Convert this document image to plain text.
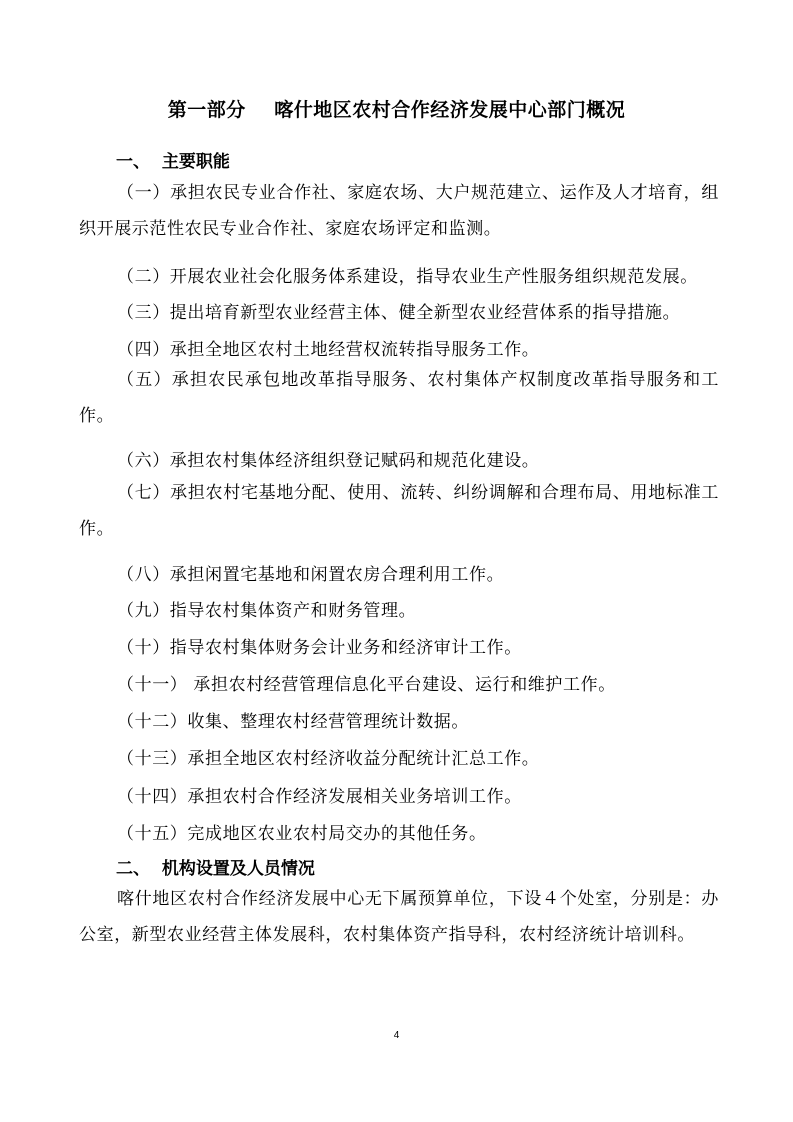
第一部分    喀什地区农村合作经济发展中心部门概况
一、  主要职能

（一）承担农民专业合作社、家庭农场、大户规范建立、运作及人才培育，组织开展示范性农民专业合作社、家庭农场评定和监测。

（二）开展农业社会化服务体系建设，指导农业生产性服务组织规范发展。

（三）提出培育新型农业经营主体、健全新型农业经营体系的指导措施。

（四）承担全地区农村土地经营权流转指导服务工作。

（五）承担农民承包地改革指导服务、农村集体产权制度改革指导服务和工作。

（六）承担农村集体经济组织登记赋码和规范化建设。

（七）承担农村宅基地分配、使用、流转、纠纷调解和合理布局、用地标准工作。

（八）承担闲置宅基地和闲置农房合理利用工作。

（九）指导农村集体资产和财务管理。

（十）指导农村集体财务会计业务和经济审计工作。

（十一） 承担农村经营管理信息化平台建设、运行和维护工作。

（十二）收集、整理农村经营管理统计数据。

（十三）承担全地区农村经济收益分配统计汇总工作。

（十四）承担农村合作经济发展相关业务培训工作。

（十五）完成地区农业农村局交办的其他任务。

二、  机构设置及人员情况

喀什地区农村合作经济发展中心无下属预算单位，下设４个处室，分别是：办公室，新型农业经营主体发展科，农村集体资产指导科，农村经济统计培训科。

4
